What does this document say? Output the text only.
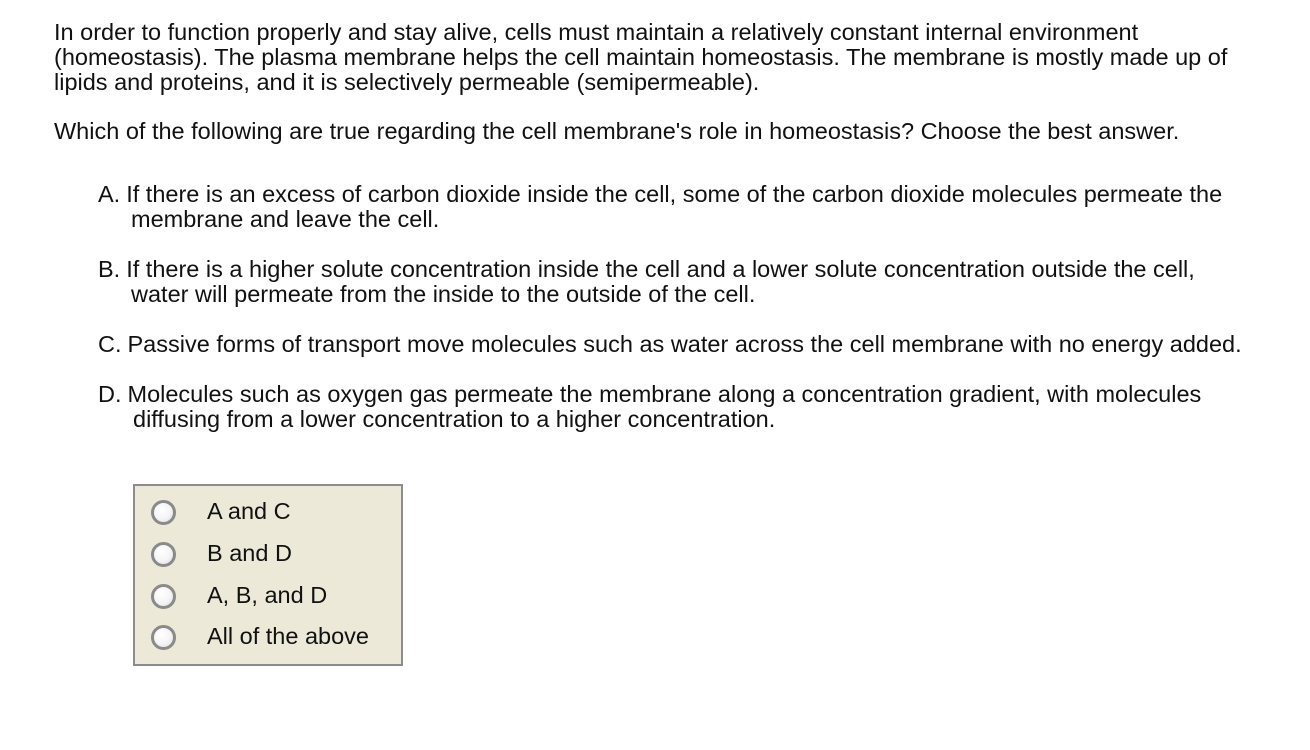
In order to function properly and stay alive, cells must maintain a relatively constant internal environment (homeostasis). The plasma membrane helps the cell maintain homeostasis. The membrane is mostly made up of lipids and proteins, and it is selectively permeable (semipermeable).

Which of the following are true regarding the cell membrane's role in homeostasis? Choose the best answer.

A. If there is an excess of carbon dioxide inside the cell, some of the carbon dioxide molecules permeate the membrane and leave the cell.
B. If there is a higher solute concentration inside the cell and a lower solute concentration outside the cell, water will permeate from the inside to the outside of the cell.
C. Passive forms of transport move molecules such as water across the cell membrane with no energy added.
D. Molecules such as oxygen gas permeate the membrane along a concentration gradient, with molecules diffusing from a lower concentration to a higher concentration.
A and C
B and D
A, B, and D
All of the above
